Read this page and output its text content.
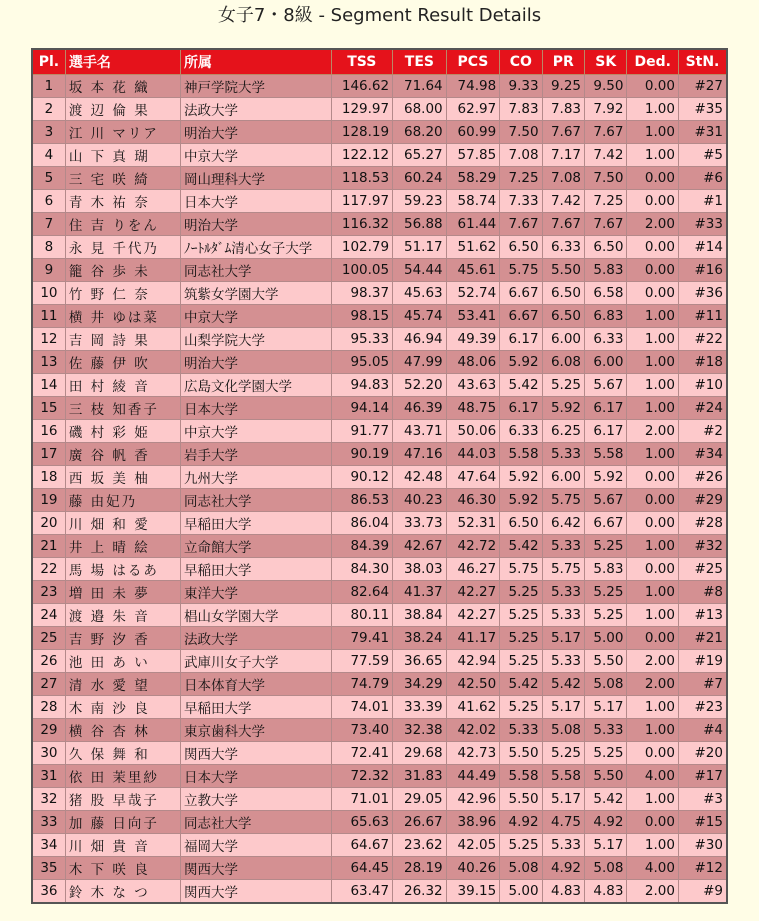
女子7・8級 - Segment Result Details
Pl.	選手名	所属	TSS	TES	PCS	CO	PR	SK	Ded.	StN.
1	坂 本 花 織	神戸学院大学	146.62	71.64	74.98	9.33	9.25	9.50	0.00	#27
2	渡 辺 倫 果	法政大学	129.97	68.00	62.97	7.83	7.83	7.92	1.00	#35
3	江 川 マリア	明治大学	128.19	68.20	60.99	7.50	7.67	7.67	1.00	#31
4	山 下 真 瑚	中京大学	122.12	65.27	57.85	7.08	7.17	7.42	1.00	#5
5	三 宅 咲 綺	岡山理科大学	118.53	60.24	58.29	7.25	7.08	7.50	0.00	#6
6	青 木 祐 奈	日本大学	117.97	59.23	58.74	7.33	7.42	7.25	0.00	#1
7	住 吉 りをん	明治大学	116.32	56.88	61.44	7.67	7.67	7.67	2.00	#33
8	永 見 千代乃	ﾉｰﾄﾙﾀﾞﾑ清心女子大学	102.79	51.17	51.62	6.50	6.33	6.50	0.00	#14
9	籠 谷 歩 未	同志社大学	100.05	54.44	45.61	5.75	5.50	5.83	0.00	#16
10	竹 野 仁 奈	筑紫女学園大学	98.37	45.63	52.74	6.67	6.50	6.58	0.00	#36
11	横 井 ゆは菜	中京大学	98.15	45.74	53.41	6.67	6.50	6.83	1.00	#11
12	吉 岡 詩 果	山梨学院大学	95.33	46.94	49.39	6.17	6.00	6.33	1.00	#22
13	佐 藤 伊 吹	明治大学	95.05	47.99	48.06	5.92	6.08	6.00	1.00	#18
14	田 村 綾 音	広島文化学園大学	94.83	52.20	43.63	5.42	5.25	5.67	1.00	#10
15	三 枝 知香子	日本大学	94.14	46.39	48.75	6.17	5.92	6.17	1.00	#24
16	磯 村 彩 姫	中京大学	91.77	43.71	50.06	6.33	6.25	6.17	2.00	#2
17	廣 谷 帆 香	岩手大学	90.19	47.16	44.03	5.58	5.33	5.58	1.00	#34
18	西 坂 美 柚	九州大学	90.12	42.48	47.64	5.92	6.00	5.92	0.00	#26
19	藤 由妃乃	同志社大学	86.53	40.23	46.30	5.92	5.75	5.67	0.00	#29
20	川 畑 和 愛	早稲田大学	86.04	33.73	52.31	6.50	6.42	6.67	0.00	#28
21	井 上 晴 絵	立命館大学	84.39	42.67	42.72	5.42	5.33	5.25	1.00	#32
22	馬 場 はるあ	早稲田大学	84.30	38.03	46.27	5.75	5.75	5.83	0.00	#25
23	増 田 未 夢	東洋大学	82.64	41.37	42.27	5.25	5.33	5.25	1.00	#8
24	渡 邉 朱 音	椙山女学園大学	80.11	38.84	42.27	5.25	5.33	5.25	1.00	#13
25	吉 野 汐 香	法政大学	79.41	38.24	41.17	5.25	5.17	5.00	0.00	#21
26	池 田 あ い	武庫川女子大学	77.59	36.65	42.94	5.25	5.33	5.50	2.00	#19
27	清 水 愛 望	日本体育大学	74.79	34.29	42.50	5.42	5.42	5.08	2.00	#7
28	木 南 沙 良	早稲田大学	74.01	33.39	41.62	5.25	5.17	5.17	1.00	#23
29	横 谷 杏 林	東京歯科大学	73.40	32.38	42.02	5.33	5.08	5.33	1.00	#4
30	久 保 舞 和	関西大学	72.41	29.68	42.73	5.50	5.25	5.25	0.00	#20
31	依 田 茉里紗	日本大学	72.32	31.83	44.49	5.58	5.58	5.50	4.00	#17
32	猪 股 早哉子	立教大学	71.01	29.05	42.96	5.50	5.17	5.42	1.00	#3
33	加 藤 日向子	同志社大学	65.63	26.67	38.96	4.92	4.75	4.92	0.00	#15
34	川 畑 貴 音	福岡大学	64.67	23.62	42.05	5.25	5.33	5.17	1.00	#30
35	木 下 咲 良	関西大学	64.45	28.19	40.26	5.08	4.92	5.08	4.00	#12
36	鈴 木 な つ	関西大学	63.47	26.32	39.15	5.00	4.83	4.83	2.00	#9
